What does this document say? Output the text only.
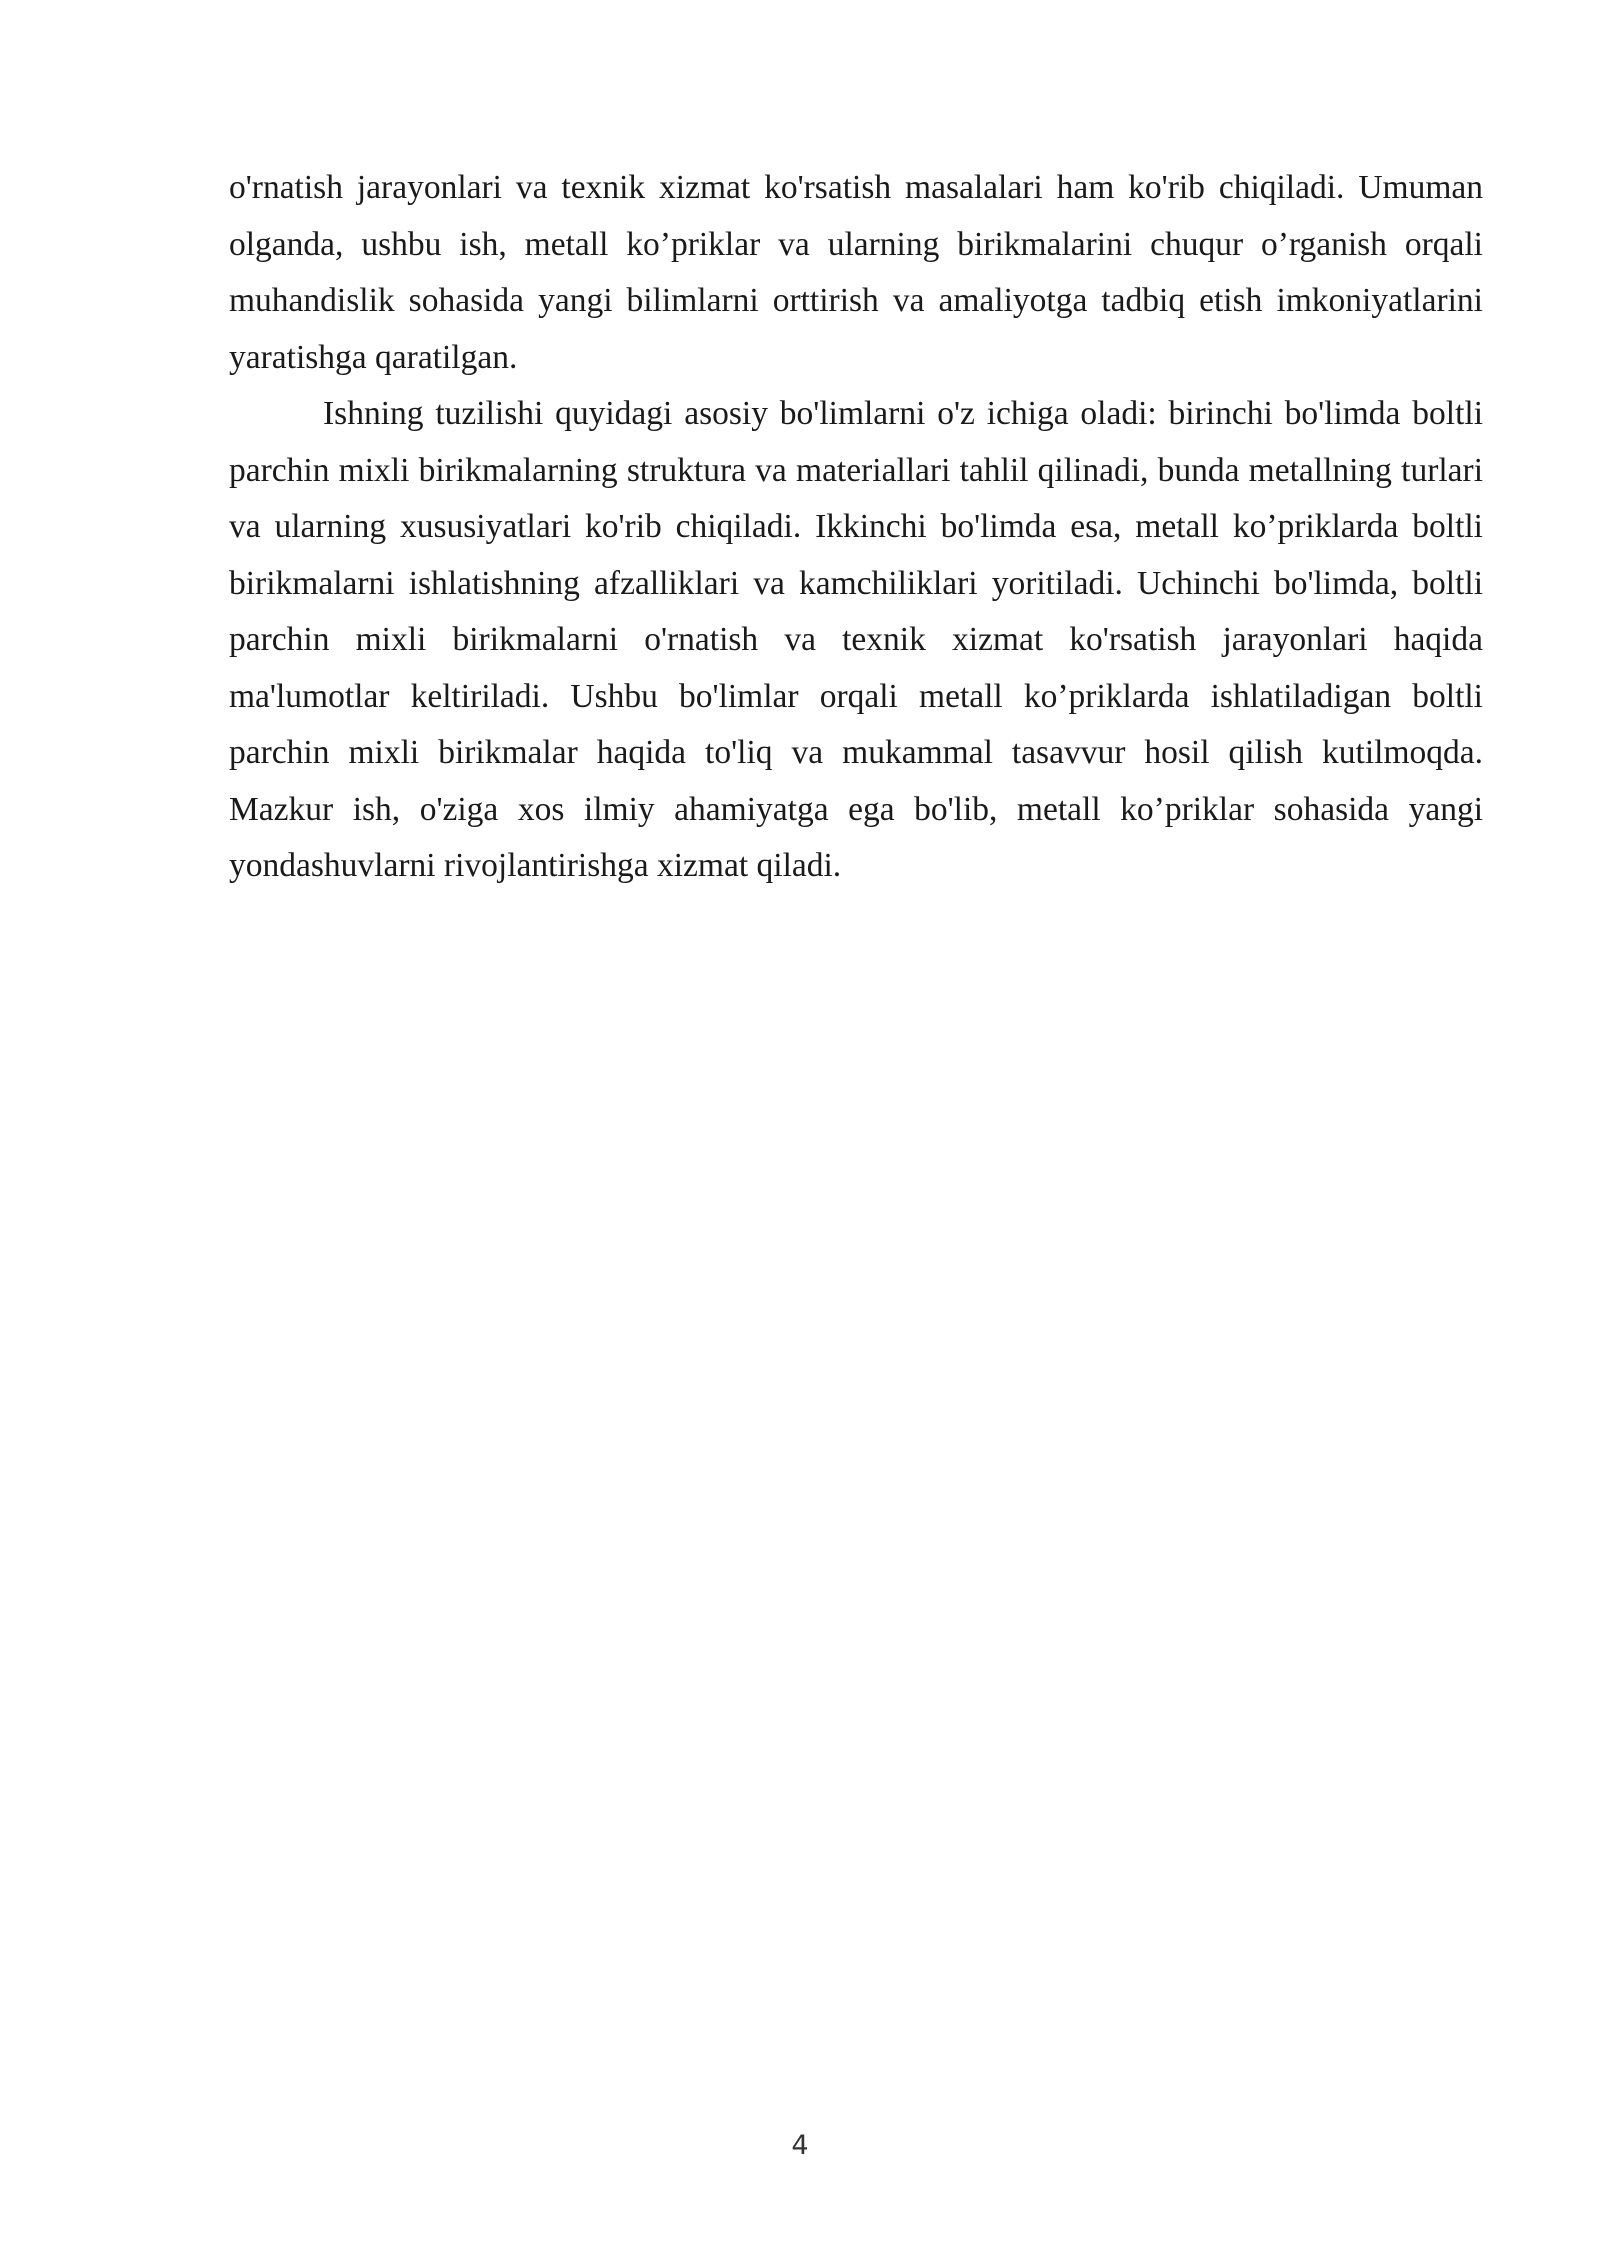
o'rnatish jarayonlari va texnik xizmat ko'rsatish masalalari ham ko'rib chiqiladi. Umuman olganda, ushbu ish, metall ko’priklar va ularning birikmalarini chuqur o’rganish orqali muhandislik sohasida yangi bilimlarni orttirish va amaliyotga tadbiq etish imkoniyatlarini yaratishga qaratilgan.

Ishning tuzilishi quyidagi asosiy bo'limlarni o'z ichiga oladi: birinchi bo'limda boltli parchin mixli birikmalarning struktura va materiallari tahlil qilinadi, bunda metallning turlari va ularning xususiyatlari ko'rib chiqiladi. Ikkinchi bo'limda esa, metall ko’priklarda boltli birikmalarni ishlatishning afzalliklari va kamchiliklari yoritiladi. Uchinchi bo'limda, boltli parchin mixli birikmalarni o'rnatish va texnik xizmat ko'rsatish jarayonlari haqida ma'lumotlar keltiriladi. Ushbu bo'limlar orqali metall ko’priklarda ishlatiladigan boltli parchin mixli birikmalar haqida to'liq va mukammal tasavvur hosil qilish kutilmoqda. Mazkur ish, o'ziga xos ilmiy ahamiyatga ega bo'lib, metall ko’priklar sohasida yangi yondashuvlarni rivojlantirishga xizmat qiladi.

4
